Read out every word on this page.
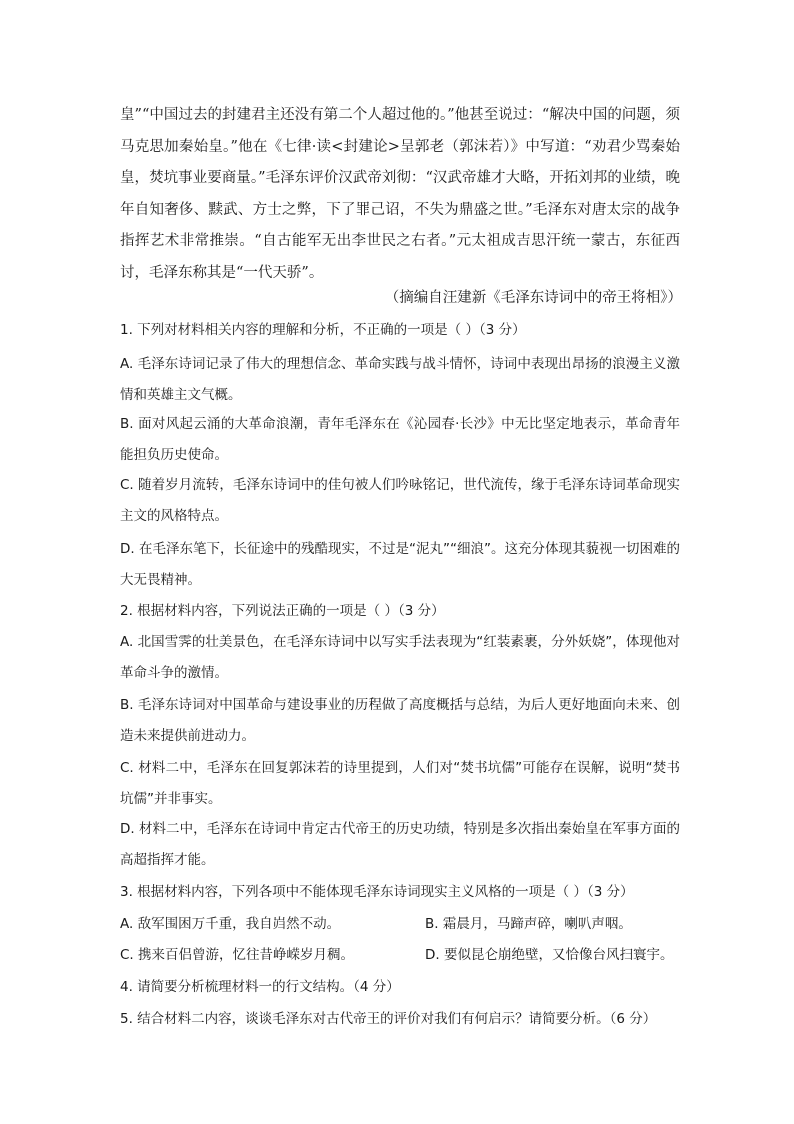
皇”“中国过去的封建君主还没有第二个人超过他的。”他甚至说过：“解决中国的问题，须马克思加秦始皇。”他在《七律·读<封建论>呈郭老（郭沫若）》中写道：“劝君少骂秦始皇，焚坑事业要商量。”毛泽东评价汉武帝刘彻：“汉武帝雄才大略，开拓刘邦的业绩，晚年自知奢侈、黩武、方士之弊，下了罪己诏，不失为鼎盛之世。”毛泽东对唐太宗的战争指挥艺术非常推崇。“自古能军无出李世民之右者。”元太祖成吉思汗统一蒙古，东征西讨，毛泽东称其是“一代天骄”。

（摘编自汪建新《毛泽东诗词中的帝王将相》）

1. 下列对材料相关内容的理解和分析，不正确的一项是（ ）（3 分）

A. 毛泽东诗词记录了伟大的理想信念、革命实践与战斗情怀，诗词中表现出昂扬的浪漫主义激情和英雄主文气概。

B. 面对风起云涌的大革命浪潮，青年毛泽东在《沁园春·长沙》中无比坚定地表示，革命青年能担负历史使命。

C. 随着岁月流转，毛泽东诗词中的佳句被人们吟咏铭记，世代流传，缘于毛泽东诗词革命现实主文的风格特点。

D. 在毛泽东笔下，长征途中的残酷现实，不过是“泥丸”“细浪”。这充分体现其藐视一切困难的大无畏精神。

2. 根据材料内容，下列说法正确的一项是（ ）（3 分）

A. 北国雪霁的壮美景色，在毛泽东诗词中以写实手法表现为“红装素裹，分外妖娆”，体现他对革命斗争的激情。

B. 毛泽东诗词对中国革命与建设事业的历程做了高度概括与总结，为后人更好地面向未来、创造未来提供前进动力。

C. 材料二中，毛泽东在回复郭沫若的诗里提到，人们对“焚书坑儒”可能存在误解，说明“焚书坑儒”并非事实。

D. 材料二中，毛泽东在诗词中肯定古代帝王的历史功绩，特别是多次指出秦始皇在军事方面的高超指挥才能。

3. 根据材料内容，下列各项中不能体现毛泽东诗词现实主义风格的一项是（ ）（3 分）

A. 敌军围困万千重，我自岿然不动。	B. 霜晨月，马蹄声碎，喇叭声咽。

C. 携来百侣曾游，忆往昔峥嵘岁月稠。	D. 要似昆仑崩绝壁，又恰像台风扫寰宇。

4. 请简要分析梳理材料一的行文结构。（4 分）

5. 结合材料二内容，谈谈毛泽东对古代帝王的评价对我们有何启示？请简要分析。（6 分）
